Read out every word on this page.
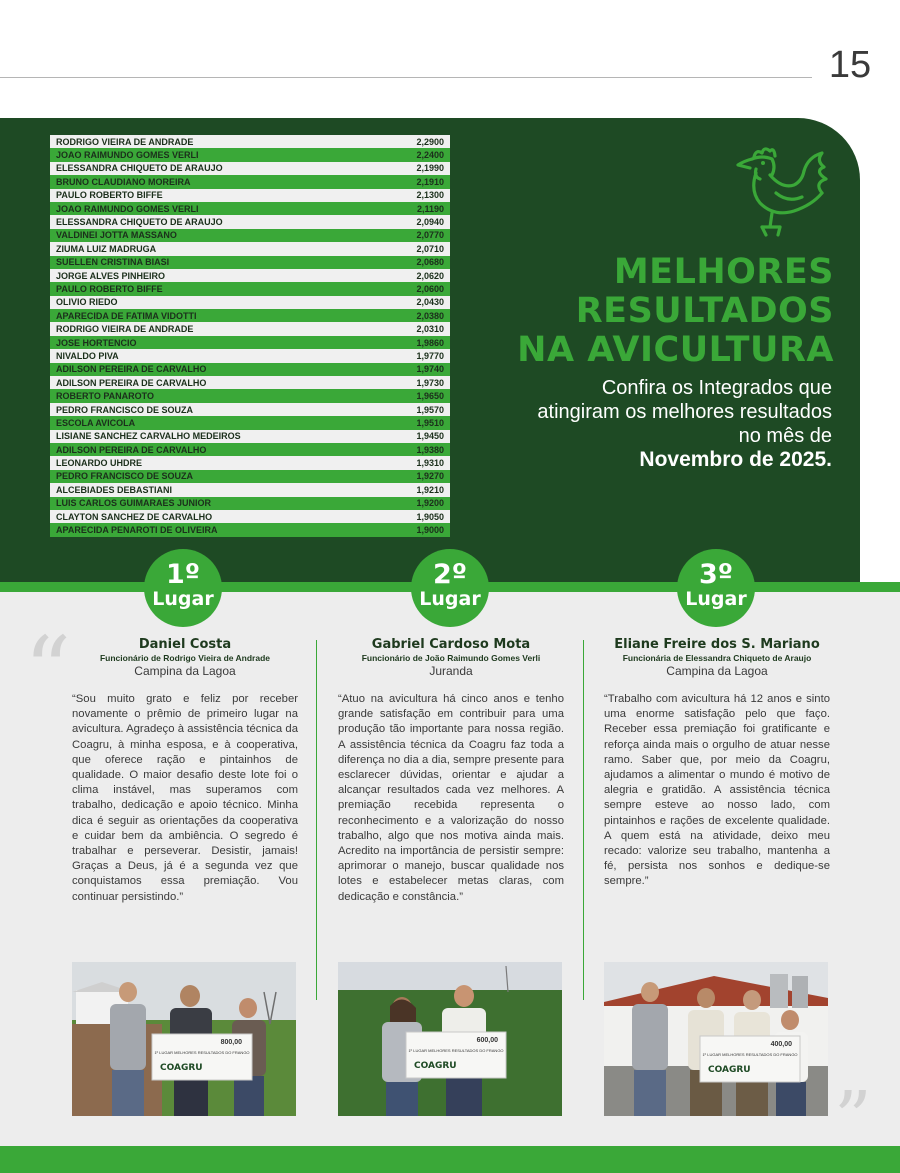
15
RODRIGO VIEIRA DE ANDRADE	2,2900
JOAO RAIMUNDO GOMES VERLI	2,2400
ELESSANDRA CHIQUETO DE ARAUJO	2,1990
BRUNO CLAUDIANO MOREIRA	2,1910
PAULO ROBERTO BIFFE	2,1300
JOAO RAIMUNDO GOMES VERLI	2,1190
ELESSANDRA CHIQUETO DE ARAUJO	2,0940
VALDINEI JOTTA MASSANO	2,0770
ZIUMA LUIZ MADRUGA	2,0710
SUELLEN CRISTINA BIASI	2,0680
JORGE ALVES PINHEIRO	2,0620
PAULO ROBERTO BIFFE	2,0600
OLIVIO RIEDO	2,0430
APARECIDA DE FATIMA VIDOTTI	2,0380
RODRIGO VIEIRA DE ANDRADE	2,0310
JOSE HORTENCIO	1,9860
NIVALDO PIVA	1,9770
ADILSON PEREIRA DE CARVALHO	1,9740
ADILSON PEREIRA DE CARVALHO	1,9730
ROBERTO PANAROTO	1,9650
PEDRO FRANCISCO DE SOUZA	1,9570
ESCOLA AVICOLA	1,9510
LISIANE SANCHEZ CARVALHO MEDEIROS	1,9450
ADILSON PEREIRA DE CARVALHO	1,9380
LEONARDO UHDRE	1,9310
PEDRO FRANCISCO DE SOUZA	1,9270
ALCEBIADES DEBASTIANI	1,9210
LUIS CARLOS GUIMARAES JUNIOR	1,9200
CLAYTON SANCHEZ DE CARVALHO	1,9050
APARECIDA PENAROTI DE OLIVEIRA	1,9000
MELHORES
RESULTADOS
NA AVICULTURA
Confira os Integrados que atingiram os melhores resultados no mês de
Novembro de 2025.
1º
Lugar
2º
Lugar
3º
Lugar
“
”
Daniel Costa
Funcionário de Rodrigo Vieira de Andrade
Campina da Lagoa
“Sou muito grato e feliz por receber novamente o prêmio de primeiro lugar na avicultura. Agradeço à assistência técnica da Coagru, à minha esposa, e à cooperativa, que oferece ração e pintainhos de qualidade. O maior desafio deste lote foi o clima instável, mas superamos com trabalho, dedicação e apoio técnico. Minha dica é seguir as orientações da cooperativa e cuidar bem da ambiência. O segredo é trabalhar e perseverar. Desistir, jamais! Graças a Deus, já é a segunda vez que conquistamos essa premiação. Vou continuar persistindo.”
Gabriel Cardoso Mota
Funcionário de João Raimundo Gomes Verli
Juranda
“Atuo na avicultura há cinco anos e tenho grande satisfação em contribuir para uma produção tão importante para nossa região. A assistência técnica da Coagru faz toda a diferença no dia a dia, sempre presente para esclarecer dúvidas, orientar e ajudar a alcançar resultados cada vez melhores. A premiação recebida representa o reconhecimento e a valorização do nosso trabalho, algo que nos motiva ainda mais. Acredito na importância de persistir sempre: aprimorar o manejo, buscar qualidade nos lotes e estabelecer metas claras, com dedicação e constância.”
Eliane Freire dos S. Mariano
Funcionária de Elessandra Chiqueto de Araujo
Campina da Lagoa
“Trabalho com avicultura há 12 anos e sinto uma enorme satisfação pelo que faço. Receber essa premiação foi gratificante e reforça ainda mais o orgulho de atuar nesse ramo. Saber que, por meio da Coagru, ajudamos a alimentar o mundo é motivo de alegria e gratidão. A assistência técnica sempre esteve ao nosso lado, com pintainhos e rações de excelente qualidade. A quem está na atividade, deixo meu recado: valorize seu trabalho, mantenha a fé, persista nos sonhos e dedique-se sempre.”
800,00
1º LUGAR MELHORES RESULTADOS DO FRANGO
COAGRU
600,00
1º LUGAR MELHORES RESULTADOS DO FRANGO
COAGRU
400,00
1º LUGAR MELHORES RESULTADOS DO FRANGO
COAGRU
